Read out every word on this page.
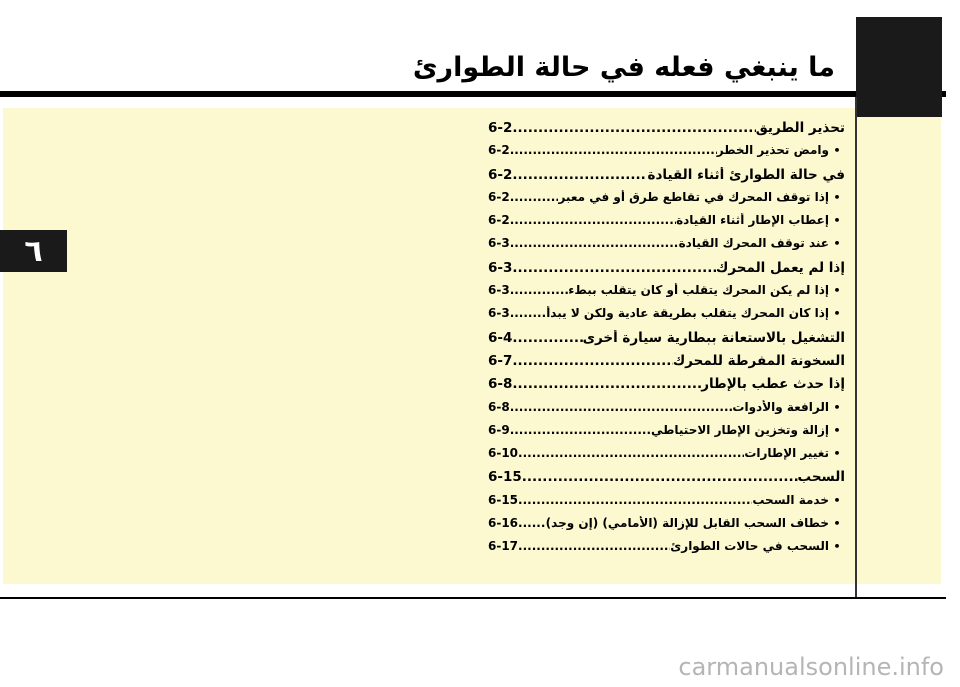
ما ينبغي فعله في حالة الطوارئ
٦
تحذير الطريق
.....
6-2
•
وامض تحذير الخطر
.....
6-2
في حالة الطوارئ أثناء القيادة
.....
6-2
•
إذا توقف المحرك في تقاطع طرق أو في معبر
.....
6-2
•
إعطاب الإطار أثناء القيادة
.....
6-2
•
عند توقف المحرك القيادة
.....
6-3
إذا لم يعمل المحرك
.....
6-3
•
إذا لم يكن المحرك يتقلب أو كان يتقلب ببطء
.....
6-3
•
إذا كان المحرك يتقلب بطريقة عادية ولكن لا يبدأ
.....
6-3
التشغيل بالاستعانة ببطارية سيارة أخرى
.....
6-4
السخونة المفرطة للمحرك
.....
6-7
إذا حدث عطب بالإطار
.....
6-8
•
الرافعة والأدوات
.....
6-8
•
إزالة وتخزين الإطار الاحتياطي
.....
6-9
•
تغيير الإطارات
.....
6-10
السحب
.....
6-15
•
خدمة السحب
.....
6-15
•
خطاف السحب القابل للإزالة (الأمامي) (إن وجد)
.....
6-16
•
السحب في حالات الطوارئ
.....
6-17
carmanualsonline.info
